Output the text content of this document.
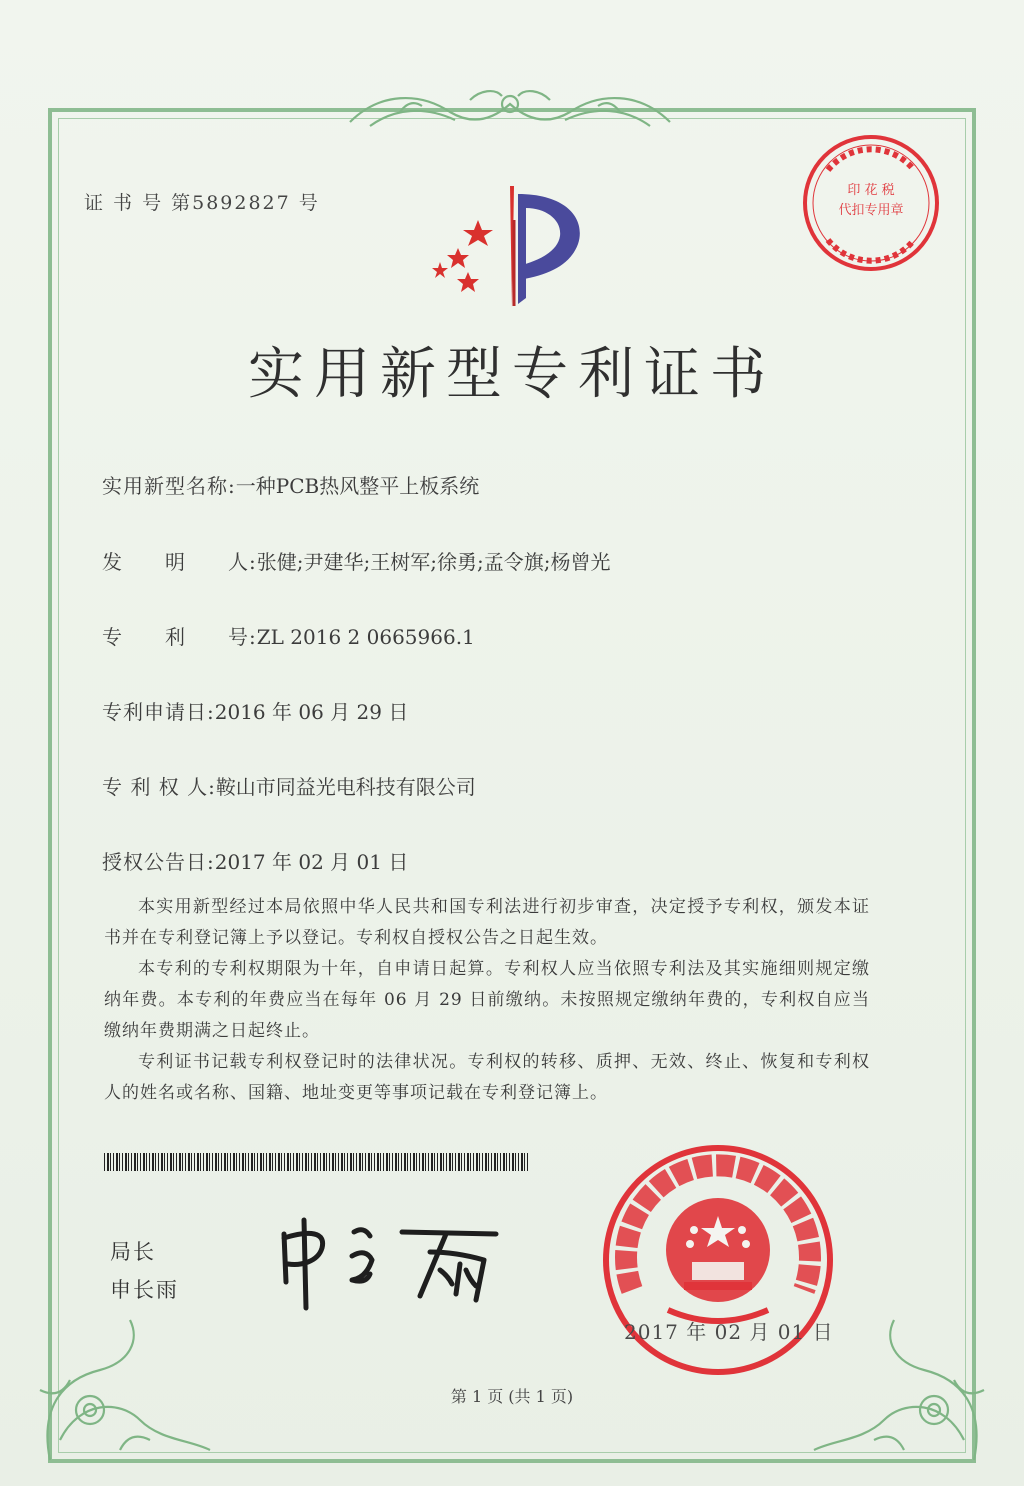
证 书 号 第5892827 号
印 花 税
代扣专用章
实用新型专利证书
实用新型名称:一种PCB热风整平上板系统
发　　明　　人:张健;尹建华;王树军;徐勇;孟令旗;杨曾光
专　　利　　号:ZL 2016 2 0665966.1
专利申请日:2016 年 06 月 29 日
专 利 权 人:鞍山市同益光电科技有限公司
授权公告日:2017 年 02 月 01 日

本实用新型经过本局依照中华人民共和国专利法进行初步审查，决定授予专利权，颁发本证书并在专利登记簿上予以登记。专利权自授权公告之日起生效。

本专利的专利权期限为十年，自申请日起算。专利权人应当依照专利法及其实施细则规定缴纳年费。本专利的年费应当在每年 06 月 29 日前缴纳。未按照规定缴纳年费的，专利权自应当缴纳年费期满之日起终止。

专利证书记载专利权登记时的法律状况。专利权的转移、质押、无效、终止、恢复和专利权人的姓名或名称、国籍、地址变更等事项记载在专利登记簿上。

局长
申长雨
2017 年 02 月 01 日
第 1 页 (共 1 页)
